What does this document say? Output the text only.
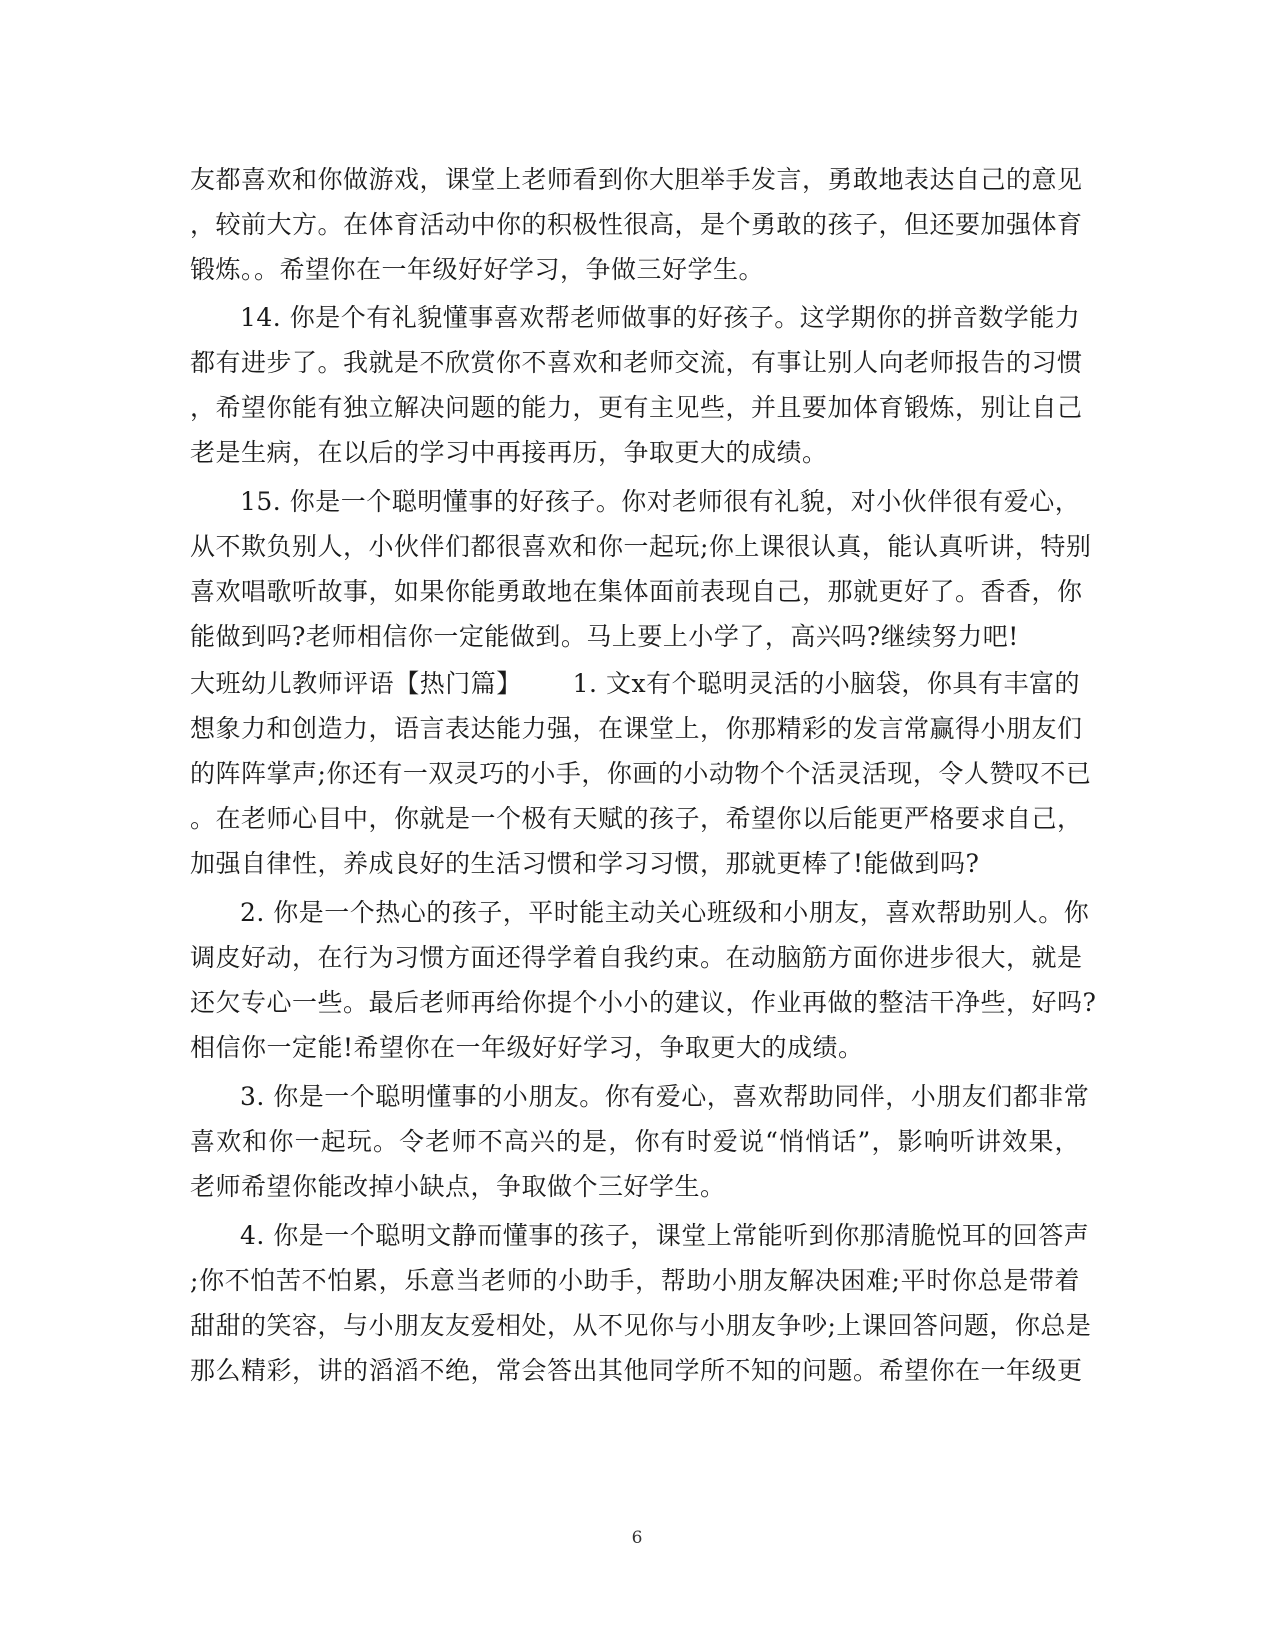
友都喜欢和你做游戏，课堂上老师看到你大胆举手发言，勇敢地表达自己的意见
，较前大方。在体育活动中你的积极性很高，是个勇敢的孩子，但还要加强体育
锻炼。。希望你在一年级好好学习，争做三好学生。
14. 你是个有礼貌懂事喜欢帮老师做事的好孩子。这学期你的拼音数学能力
都有进步了。我就是不欣赏你不喜欢和老师交流，有事让别人向老师报告的习惯
，希望你能有独立解决问题的能力，更有主见些，并且要加体育锻炼，别让自己
老是生病，在以后的学习中再接再历，争取更大的成绩。
15. 你是一个聪明懂事的好孩子。你对老师很有礼貌，对小伙伴很有爱心，
从不欺负别人，小伙伴们都很喜欢和你一起玩;你上课很认真，能认真听讲，特别
喜欢唱歌听故事，如果你能勇敢地在集体面前表现自己，那就更好了。香香，你
能做到吗?老师相信你一定能做到。马上要上小学了，高兴吗?继续努力吧!
大班幼儿教师评语【热门篇】      1. 文x有个聪明灵活的小脑袋，你具有丰富的
想象力和创造力，语言表达能力强，在课堂上，你那精彩的发言常赢得小朋友们
的阵阵掌声;你还有一双灵巧的小手，你画的小动物个个活灵活现，令人赞叹不已
。在老师心目中，你就是一个极有天赋的孩子，希望你以后能更严格要求自己，
加强自律性，养成良好的生活习惯和学习习惯，那就更棒了!能做到吗?
2. 你是一个热心的孩子，平时能主动关心班级和小朋友，喜欢帮助别人。你
调皮好动，在行为习惯方面还得学着自我约束。在动脑筋方面你进步很大，就是
还欠专心一些。最后老师再给你提个小小的建议，作业再做的整洁干净些，好吗?
相信你一定能!希望你在一年级好好学习，争取更大的成绩。
3. 你是一个聪明懂事的小朋友。你有爱心，喜欢帮助同伴，小朋友们都非常
喜欢和你一起玩。令老师不高兴的是，你有时爱说“悄悄话”，影响听讲效果，
老师希望你能改掉小缺点，争取做个三好学生。
4. 你是一个聪明文静而懂事的孩子，课堂上常能听到你那清脆悦耳的回答声
;你不怕苦不怕累，乐意当老师的小助手，帮助小朋友解决困难;平时你总是带着
甜甜的笑容，与小朋友友爱相处，从不见你与小朋友争吵;上课回答问题，你总是
那么精彩，讲的滔滔不绝，常会答出其他同学所不知的问题。希望你在一年级更
6
